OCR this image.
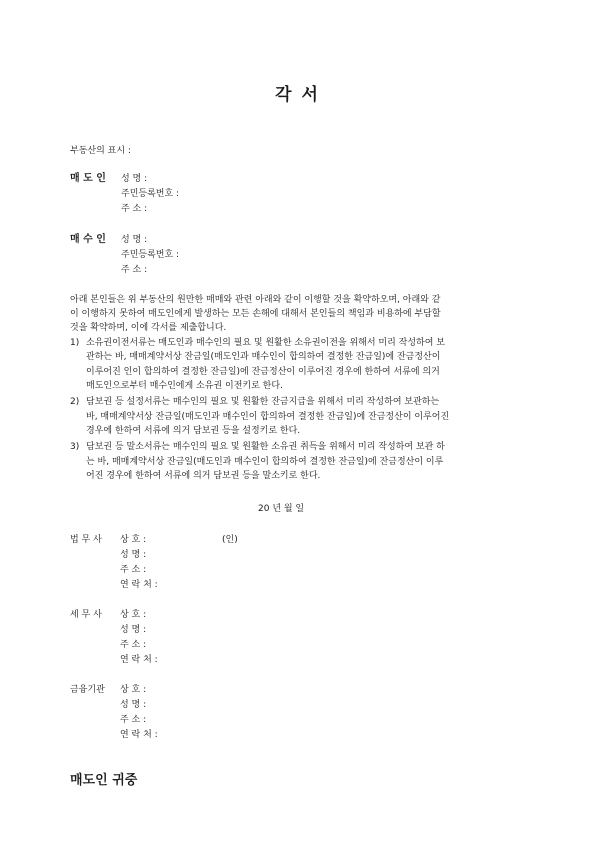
각 서
부동산의 표시 :
매 도 인 성 명 :
주민등록번호 :
주 소 :
매 수 인 성 명 :
주민등록번호 :
주 소 :
아래 본인들은 위 부동산의 원만한 매매와 관련 아래와 같이 이행할 것을 확약하오며, 아래와 같
이 이행하지 못하여 매도인에게 발생하는 모든 손해에 대해서 본인들의 책임과 비용하에 부담할
것을 확약하며, 이에 각서를 제출합니다.
1) 소유권이전서류는 매도인과 매수인의 필요 및 원활한 소유권이전을 위해서 미리 작성하여 보
관하는 바, 매매계약서상 잔금일(매도인과 매수인이 합의하여 결정한 잔금일)에 잔금정산이
이루어진 인이 합의하여 결정한 잔금일)에 잔금정산이 이루어진 경우에 한하여 서류에 의거
매도인으로부터 매수인에게 소유권 이전키로 한다.
2) 담보권 등 설정서류는 매수인의 필요 및 원활한 잔금지급을 위해서 미리 작성하여 보관하는
바, 매매계약서상 잔금일(매도인과 매수인이 합의하여 결정한 잔금일)에 잔금정산이 이루어진
경우에 한하여 서류에 의거 담보권 등을 설정키로 한다.
3) 담보권 등 말소서류는 매수인의 필요 및 원활한 소유권 취득을 위해서 미리 작성하여 보관 하
는 바, 매매계약서상 잔금일(매도인과 매수인이 합의하여 결정한 잔금일)에 잔금정산이 이루
어진 경우에 한하여 서류에 의거 담보권 등을 말소키로 한다.
20 년 월 일
법 무 사 상 호 :	(인)
성 명 :
주 소 :
연 락 처 :
세 무 사 상 호 :
성 명 :
주 소 :
연 락 처 :
금융기관 상 호 :
성 명 :
주 소 :
연 락 처 :
매도인 귀중
